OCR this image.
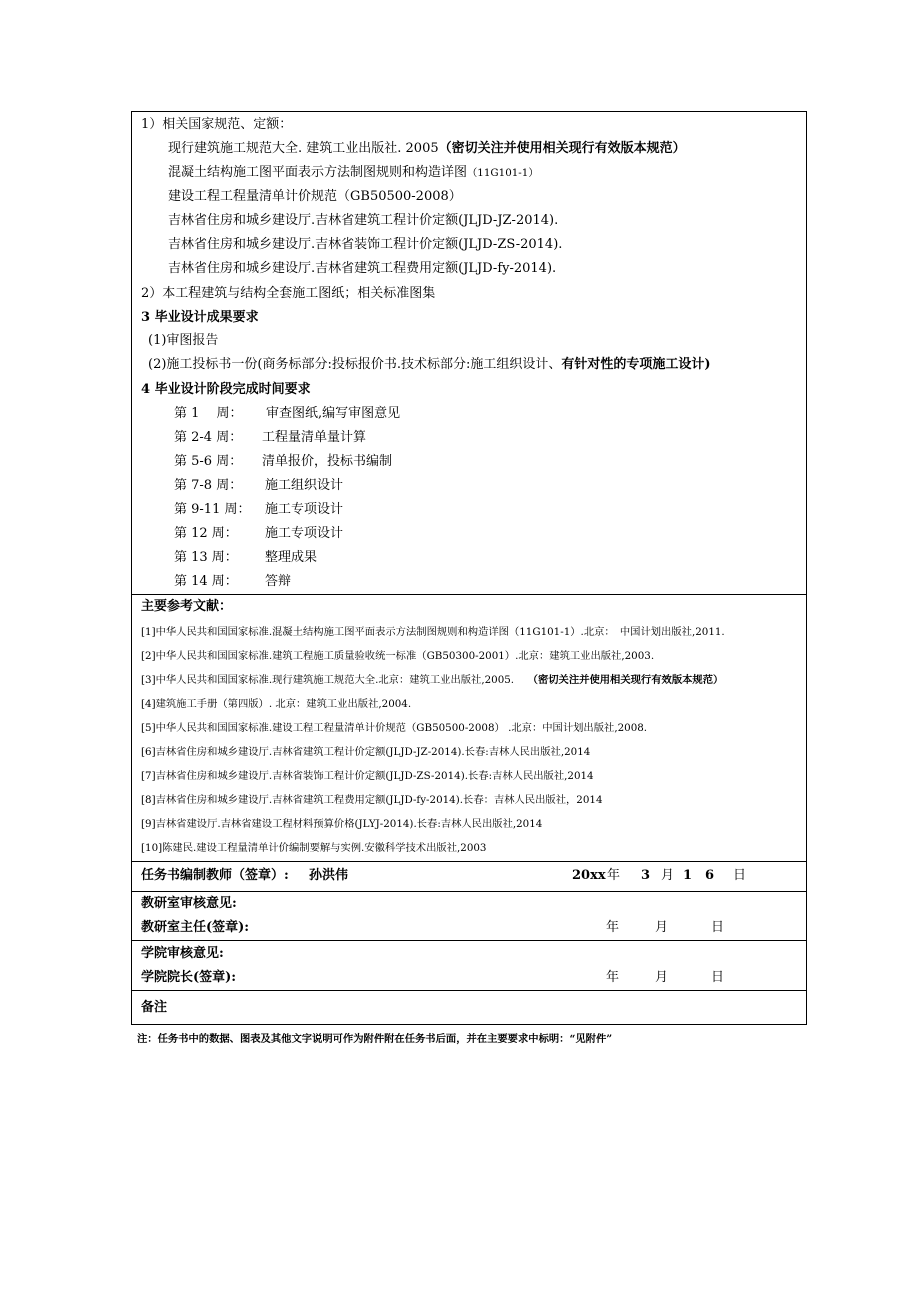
1）相关国家规范、定额：
现行建筑施工规范大全. 建筑工业出版社. 2005（密切关注并使用相关现行有效版本规范）
混凝土结构施工图平面表示方法制图规则和构造详图（11G101-1）
建设工程工程量清单计价规范（GB50500-2008）
吉林省住房和城乡建设厅.吉林省建筑工程计价定额(JLJD-JZ-2014).
吉林省住房和城乡建设厅.吉林省装饰工程计价定额(JLJD-ZS-2014).
吉林省住房和城乡建设厅.吉林省建筑工程费用定额(JLJD-fy-2014).
2）本工程建筑与结构全套施工图纸；相关标准图集
3 毕业设计成果要求
(1)审图报告
(2)施工投标书一份(商务标部分:投标报价书.技术标部分:施工组织设计、有针对性的专项施工设计)
4 毕业设计阶段完成时间要求
第 1　 周： 审查图纸,编写审图意见
第 2-4 周： 工程量清单量计算
第 5-6 周： 清单报价，投标书编制
第 7-8 周： 施工组织设计
第 9-11 周： 施工专项设计
第 12 周： 施工专项设计
第 13 周： 整理成果
第 14 周： 答辩
主要参考文献：
[1]中华人民共和国国家标准.混凝土结构施工图平面表示方法制图规则和构造详图（11G101-1）.北京：　中国计划出版社,2011.
[2]中华人民共和国国家标准.建筑工程施工质量验收统一标准（GB50300-2001）.北京：建筑工业出版社,2003.
[3]中华人民共和国国家标准.现行建筑施工规范大全.北京：建筑工业出版社,2005.　 （密切关注并使用相关现行有效版本规范）
[4]建筑施工手册（第四版）. 北京：建筑工业出版社,2004.
[5]中华人民共和国国家标准.建设工程工程量清单计价规范（GB50500-2008） .北京：中国计划出版社,2008.
[6]吉林省住房和城乡建设厅.吉林省建筑工程计价定额(JLJD-JZ-2014).长春:吉林人民出版社,2014
[7]吉林省住房和城乡建设厅.吉林省装饰工程计价定额(JLJD-ZS-2014).长春:吉林人民出版社,2014
[8]吉林省住房和城乡建设厅.吉林省建筑工程费用定额(JLJD-fy-2014).长春：吉林人民出版社，2014
[9]吉林省建设厅.吉林省建设工程材料预算价格(JLYJ-2014).长春:吉林人民出版社,2014
[10]陈建民.建设工程量清单计价编制要解与实例.安徽科学技术出版社,2003
任务书编制教师（签章）: 孙洪伟	20xx 年 3 月 1　6 日
教研室审核意见:
教研室主任(签章):	年	月	日
学院审核意见:
学院院长(签章):	年	月	日
备注
注：任务书中的数据、图表及其他文字说明可作为附件附在任务书后面，并在主要要求中标明：“见附件”
